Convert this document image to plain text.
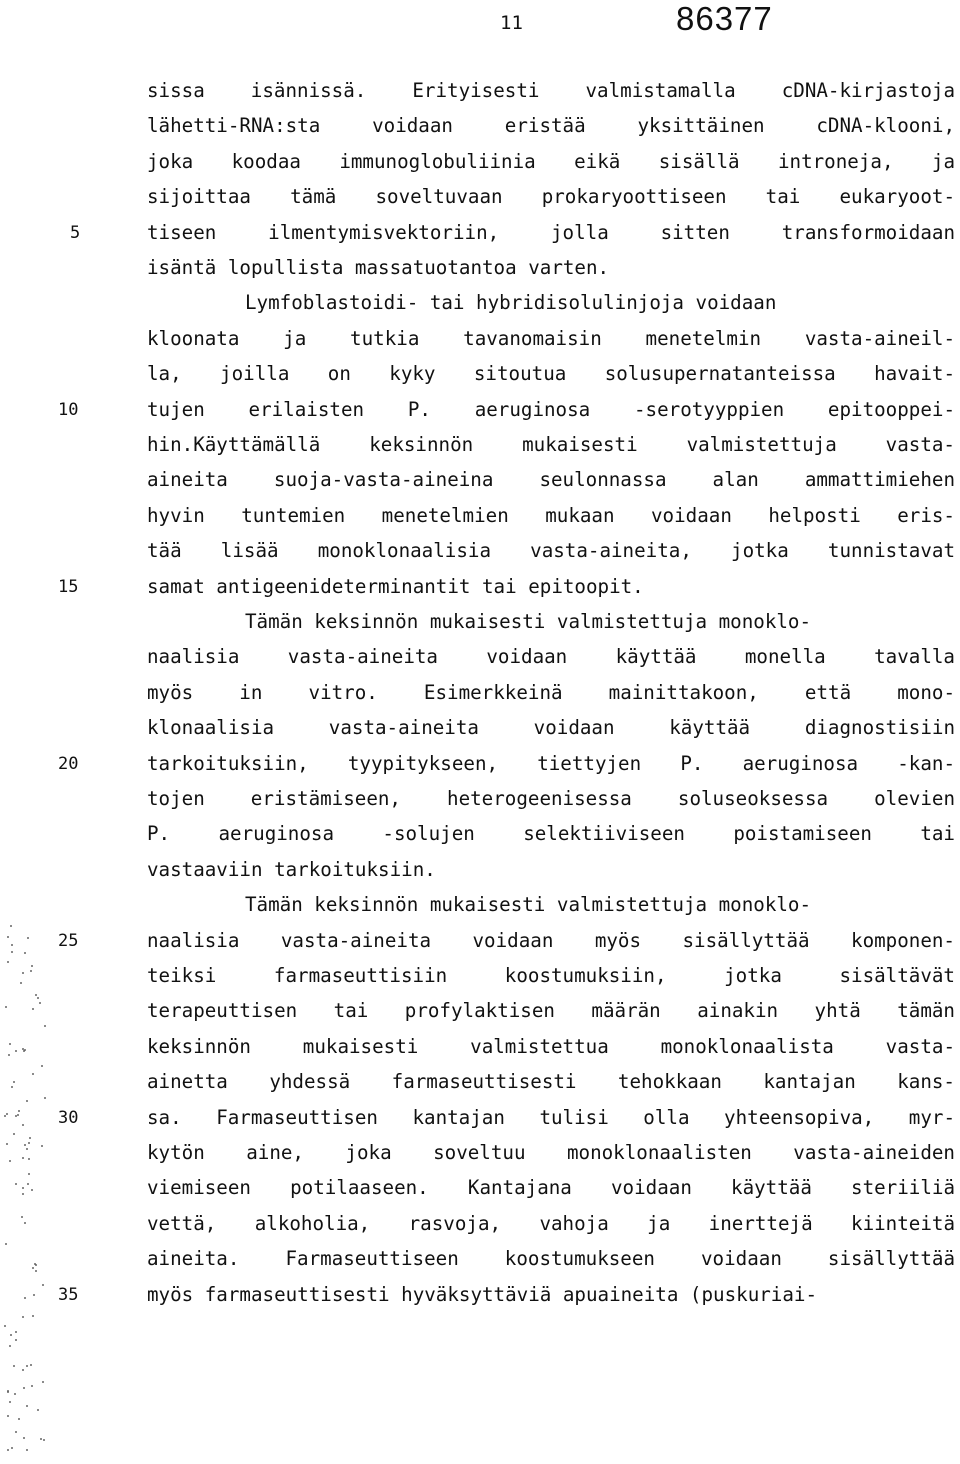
11	86377
sissa isännissä. Erityisesti valmistamalla cDNA-kirjastoja
lähetti-RNA:sta voidaan eristää yksittäinen cDNA-klooni,
joka koodaa immunoglobuliinia eikä sisällä introneja, ja
sijoittaa tämä soveltuvaan prokaryoottiseen tai eukaryoot-
tiseen ilmentymisvektoriin, jolla sitten transformoidaan
isäntä lopullista massatuotantoa varten.
Lymfoblastoidi- tai hybridisolulinjoja voidaan
kloonata ja tutkia tavanomaisin menetelmin vasta-aineil-
la, joilla on kyky sitoutua solusupernatanteissa havait-
tujen erilaisten P. aeruginosa -serotyyppien epitooppei-
hin.Käyttämällä keksinnön mukaisesti valmistettuja vasta-
aineita suoja-vasta-aineina seulonnassa alan ammattimiehen
hyvin tuntemien menetelmien mukaan voidaan helposti eris-
tää lisää monoklonaalisia vasta-aineita, jotka tunnistavat
samat antigeenideterminantit tai epitoopit.
Tämän keksinnön mukaisesti valmistettuja monoklo-
naalisia vasta-aineita voidaan käyttää monella tavalla
myös in vitro. Esimerkkeinä mainittakoon, että mono-
klonaalisia vasta-aineita voidaan käyttää diagnostisiin
tarkoituksiin, tyypitykseen, tiettyjen P. aeruginosa -kan-
tojen eristämiseen, heterogeenisessa soluseoksessa olevien
P. aeruginosa -solujen selektiiviseen poistamiseen tai
vastaaviin tarkoituksiin.
Tämän keksinnön mukaisesti valmistettuja monoklo-
naalisia vasta-aineita voidaan myös sisällyttää komponen-
teiksi farmaseuttisiin koostumuksiin, jotka sisältävät
terapeuttisen tai profylaktisen määrän ainakin yhtä tämän
keksinnön mukaisesti valmistettua monoklonaalista vasta-
ainetta yhdessä farmaseuttisesti tehokkaan kantajan kans-
sa. Farmaseuttisen kantajan tulisi olla yhteensopiva, myr-
kytön aine, joka soveltuu monoklonaalisten vasta-aineiden
viemiseen potilaaseen. Kantajana voidaan käyttää steriiliä
vettä, alkoholia, rasvoja, vahoja ja inerttejä kiinteitä
aineita. Farmaseuttiseen koostumukseen voidaan sisällyttää
myös farmaseuttisesti hyväksyttäviä apuaineita (puskuriai-
5
10
15
20
25
30
35
